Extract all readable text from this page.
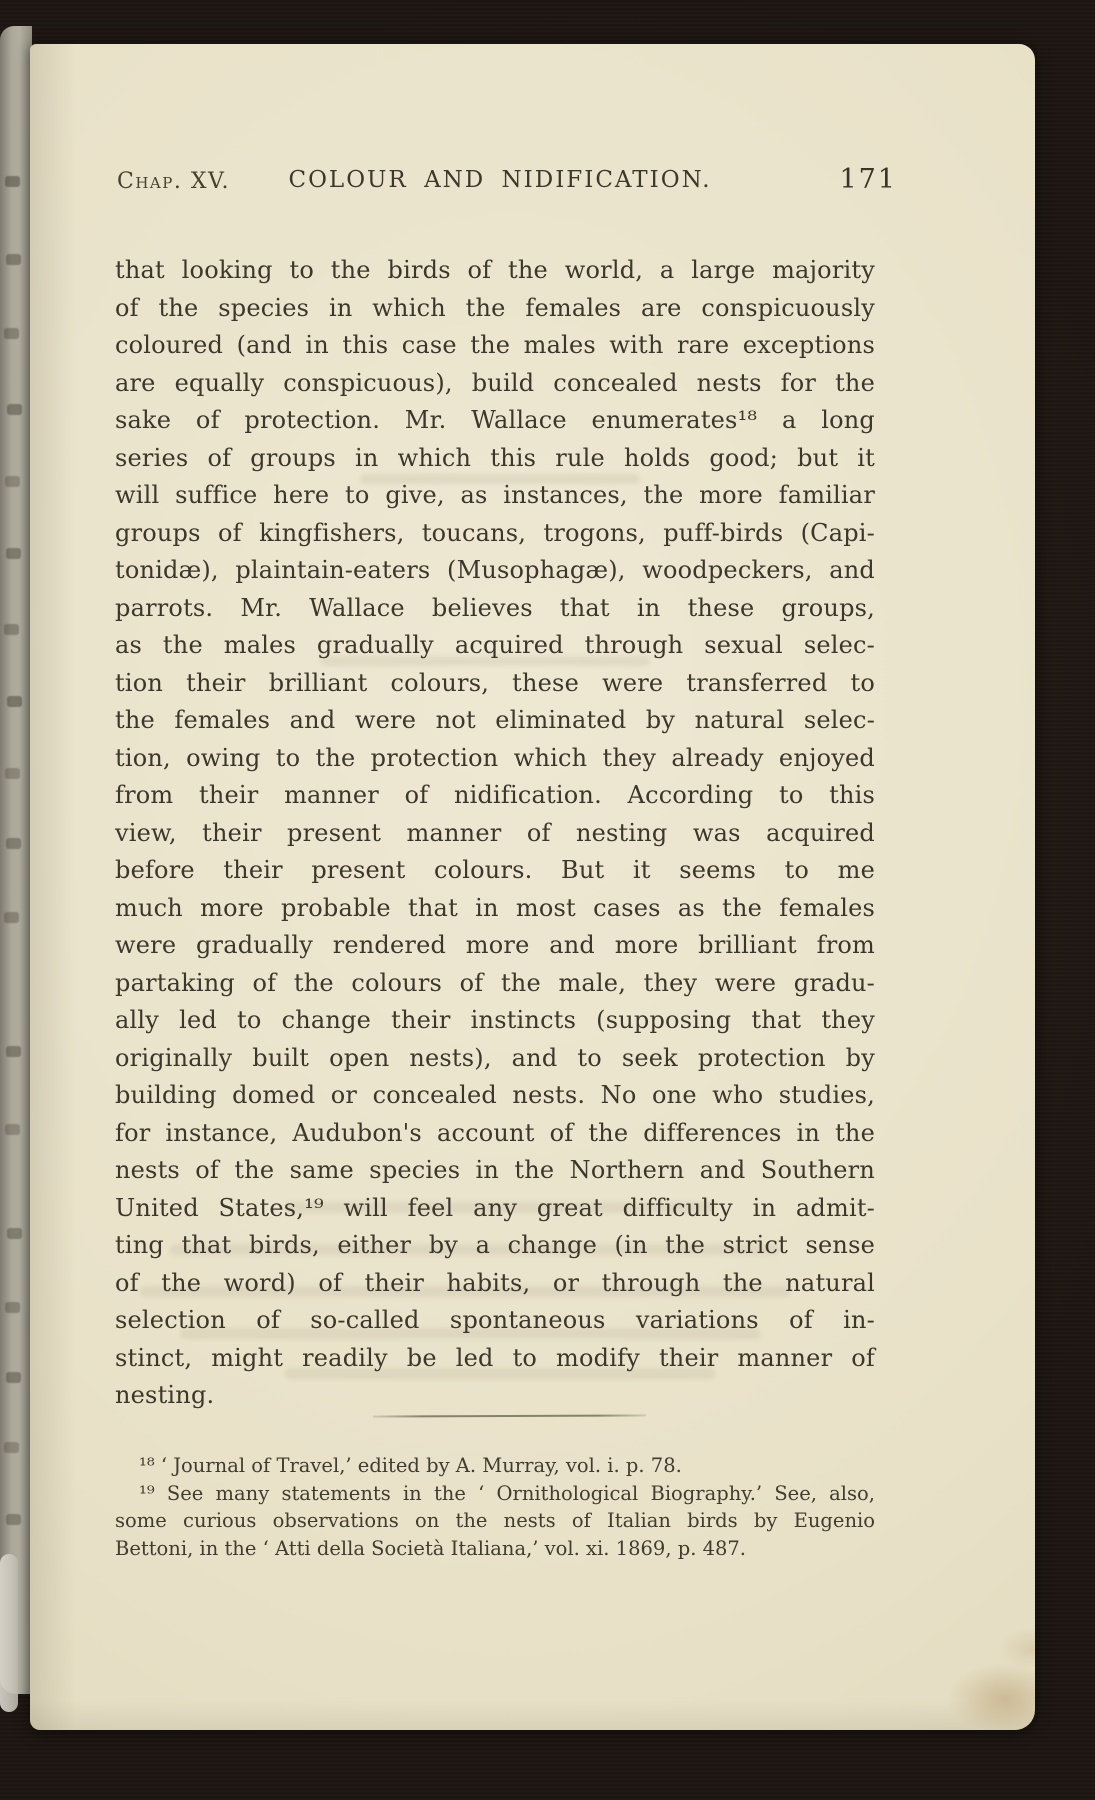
Chap. XV.	COLOUR AND NIDIFICATION.	171
that looking to the birds of the world, a large majority
of the species in which the females are conspicuously
coloured (and in this case the males with rare exceptions
are equally conspicuous), build concealed nests for the
sake of protection. Mr. Wallace enumerates¹⁸ a long
series of groups in which this rule holds good; but it
will suffice here to give, as instances, the more familiar
groups of kingfishers, toucans, trogons, puff-birds (Capi-
tonidæ), plaintain-eaters (Musophagæ), woodpeckers, and
parrots. Mr. Wallace believes that in these groups,
as the males gradually acquired through sexual selec-
tion their brilliant colours, these were transferred to
the females and were not eliminated by natural selec-
tion, owing to the protection which they already enjoyed
from their manner of nidification. According to this
view, their present manner of nesting was acquired
before their present colours. But it seems to me
much more probable that in most cases as the females
were gradually rendered more and more brilliant from
partaking of the colours of the male, they were gradu-
ally led to change their instincts (supposing that they
originally built open nests), and to seek protection by
building domed or concealed nests. No one who studies,
for instance, Audubon's account of the differences in the
nests of the same species in the Northern and Southern
United States,¹⁹ will feel any great difficulty in admit-
ting that birds, either by a change (in the strict sense
of the word) of their habits, or through the natural
selection of so-called spontaneous variations of in-
stinct, might readily be led to modify their manner of
nesting.
¹⁸ ‘ Journal of Travel,’ edited by A. Murray, vol. i. p. 78.
¹⁹ See many statements in the ‘ Ornithological Biography.’ See, also,
some curious observations on the nests of Italian birds by Eugenio
Bettoni, in the ‘ Atti della Società Italiana,’ vol. xi. 1869, p. 487.
